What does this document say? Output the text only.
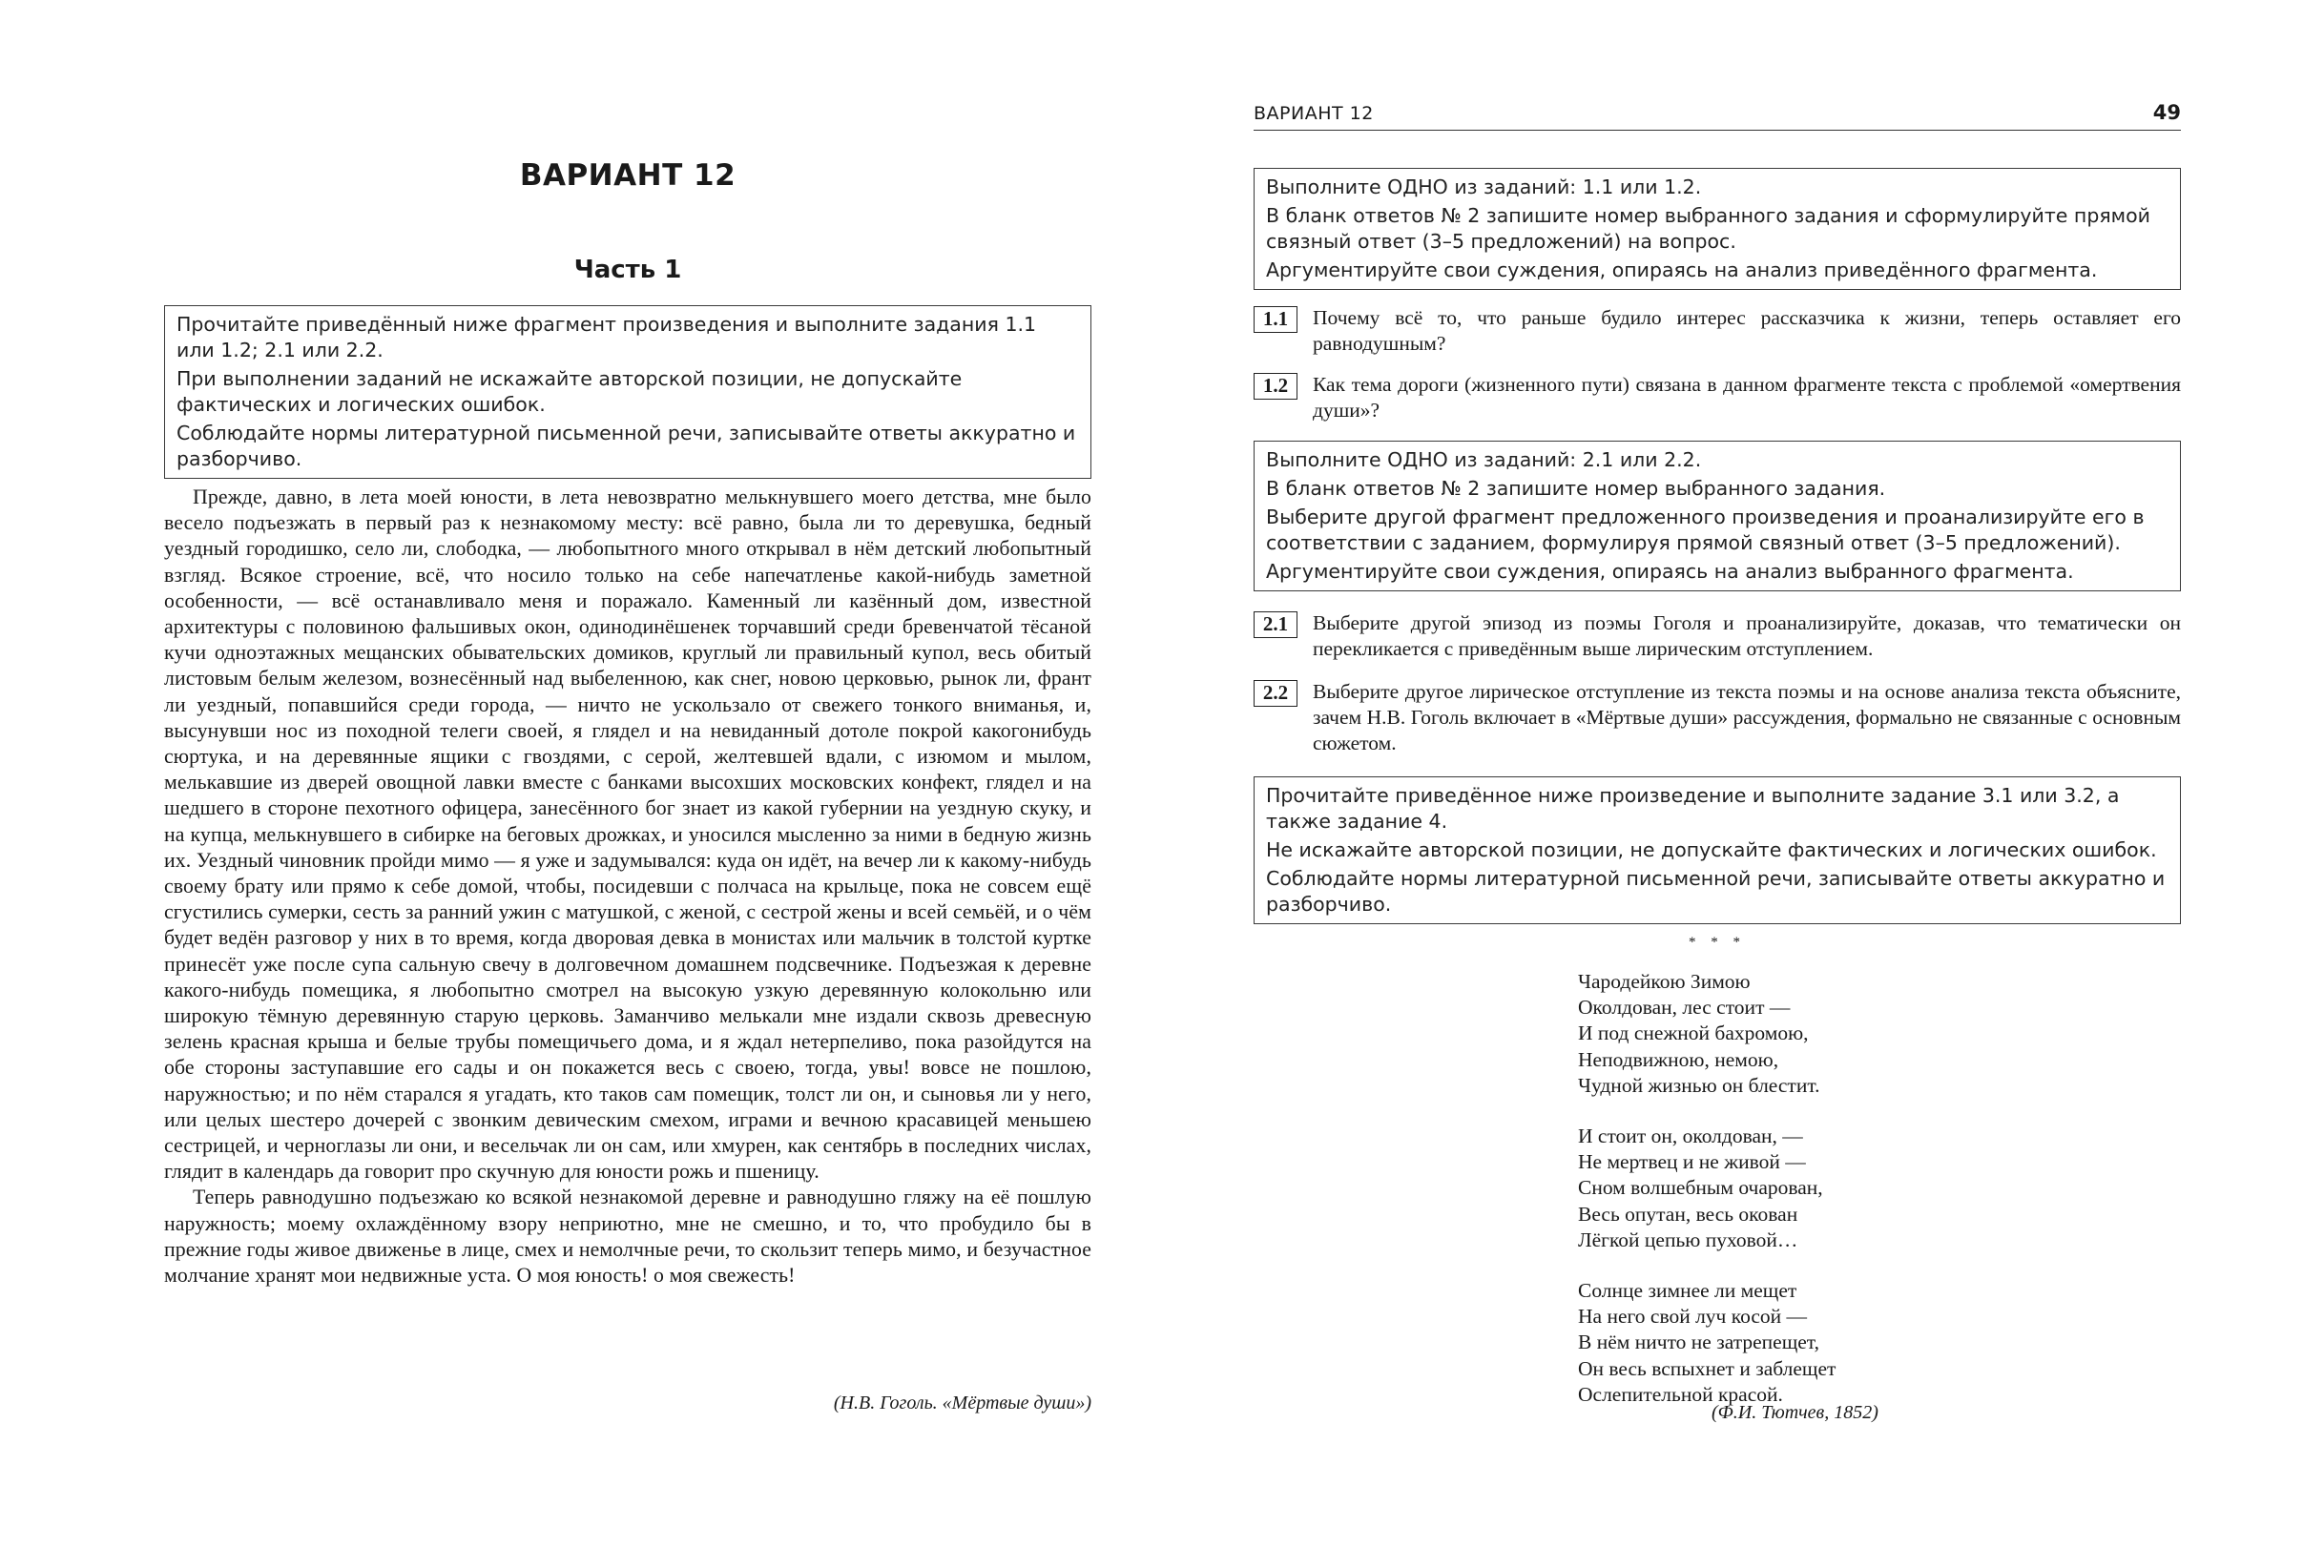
ВАРИАНТ 12
Часть 1

Прочитайте приведённый ниже фрагмент произведения и выполните задания 1.1 или 1.2; 2.1 или 2.2.

При выполнении заданий не искажайте авторской позиции, не допускайте фактических и логических ошибок.

Соблюдайте нормы литературной письменной речи, записывайте ответы аккуратно и разборчиво.

Прежде, давно, в лета моей юности, в лета невозвратно мелькнувшего моего детства, мне было весело подъезжать в первый раз к незнакомому месту: всё равно, была ли то деревушка, бедный уездный городишко, село ли, слободка, — любопытного много открывал в нём детский любопытный взгляд. Всякое строение, всё, что носило только на себе напечатленье какой-нибудь заметной особенности, — всё останавливало меня и поражало. Каменный ли казённый дом, известной архитектуры с половиною фальшивых окон, одинодинёшенек торчавший среди бревенчатой тёсаной кучи одноэтажных мещанских обывательских домиков, круглый ли правильный купол, весь обитый листовым белым железом, вознесённый над выбеленною, как снег, новою церковью, рынок ли, франт ли уездный, попавшийся среди города, — ничто не ускользало от свежего тонкого вниманья, и, высунувши нос из походной телеги своей, я глядел и на невиданный дотоле покрой какогонибудь сюртука, и на деревянные ящики с гвоздями, с серой, желтевшей вдали, с изюмом и мылом, мелькавшие из дверей овощной лавки вместе с банками высохших московских конфект, глядел и на шедшего в стороне пехотного офицера, занесённого бог знает из какой губернии на уездную скуку, и на купца, мелькнувшего в сибирке на беговых дрожках, и уносился мысленно за ними в бедную жизнь их. Уездный чиновник пройди мимо — я уже и задумывался: куда он идёт, на вечер ли к какому-нибудь своему брату или прямо к себе домой, чтобы, посидевши с полчаса на крыльце, пока не совсем ещё сгустились сумерки, сесть за ранний ужин с матушкой, с женой, с сестрой жены и всей семьёй, и о чём будет ведён разговор у них в то время, когда дворовая девка в монистах или мальчик в толстой куртке принесёт уже после супа сальную свечу в долговечном домашнем подсвечнике. Подъезжая к деревне какого-нибудь помещика, я любопытно смотрел на высокую узкую деревянную колокольню или широкую тёмную деревянную старую церковь. Заманчиво мелькали мне издали сквозь древесную зелень красная крыша и белые трубы помещичьего дома, и я ждал нетерпеливо, пока разойдутся на обе стороны заступавшие его сады и он покажется весь с своею, тогда, увы! вовсе не пошлою, наружностью; и по нём старался я угадать, кто таков сам помещик, толст ли он, и сыновья ли у него, или целых шестеро дочерей с звонким девическим смехом, играми и вечною красавицей меньшею сестрицей, и черноглазы ли они, и весельчак ли он сам, или хмурен, как сентябрь в последних числах, глядит в календарь да говорит про скучную для юности рожь и пшеницу.

Теперь равнодушно подъезжаю ко всякой незнакомой деревне и равнодушно гляжу на её пошлую наружность; моему охлаждённому взору неприютно, мне не смешно, и то, что пробудило бы в прежние годы живое движенье в лице, смех и немолчные речи, то скользит теперь мимо, и безучастное молчание хранят мои недвижные уста. О моя юность! о моя свежесть!

(Н.В. Гоголь. «Мёртвые души»)
ВАРИАНТ 12	49

Выполните ОДНО из заданий: 1.1 или 1.2.

В бланк ответов № 2 запишите номер выбранного задания и сформулируйте прямой связный ответ (3–5 предложений) на вопрос.

Аргументируйте свои суждения, опираясь на анализ приведённого фрагмента.

1.1	Почему всё то, что раньше будило интерес рассказчика к жизни, теперь оставляет его равнодушным?
1.2	Как тема дороги (жизненного пути) связана в данном фрагменте текста с проблемой «омертвения души»?

Выполните ОДНО из заданий: 2.1 или 2.2.

В бланк ответов № 2 запишите номер выбранного задания.

Выберите другой фрагмент предложенного произведения и проанализируйте его в соответствии с заданием, формулируя прямой связный ответ (3–5 предложений).

Аргументируйте свои суждения, опираясь на анализ выбранного фрагмента.

2.1	Выберите другой эпизод из поэмы Гоголя и проанализируйте, доказав, что тематически он перекликается с приведённым выше лирическим отступлением.
2.2	Выберите другое лирическое отступление из текста поэмы и на основе анализа текста объясните, зачем Н.В. Гоголь включает в «Мёртвые души» рассуждения, формально не связанные с основным сюжетом.

Прочитайте приведённое ниже произведение и выполните задание 3.1 или 3.2, а также задание 4.

Не искажайте авторской позиции, не допускайте фактических и логических ошибок.

Соблюдайте нормы литературной письменной речи, записывайте ответы аккуратно и разборчиво.

* * *
Чародейкою Зимою
Околдован, лес стоит —
И под снежной бахромою,
Неподвижною, немою,
Чудной жизнью он блестит.
И стоит он, околдован, —
Не мертвец и не живой —
Сном волшебным очарован,
Весь опутан, весь окован
Лёгкой цепью пуховой…
Солнце зимнее ли мещет
На него свой луч косой —
В нём ничто не затрепещет,
Он весь вспыхнет и заблещет
Ослепительной красой.
(Ф.И. Тютчев, 1852)
